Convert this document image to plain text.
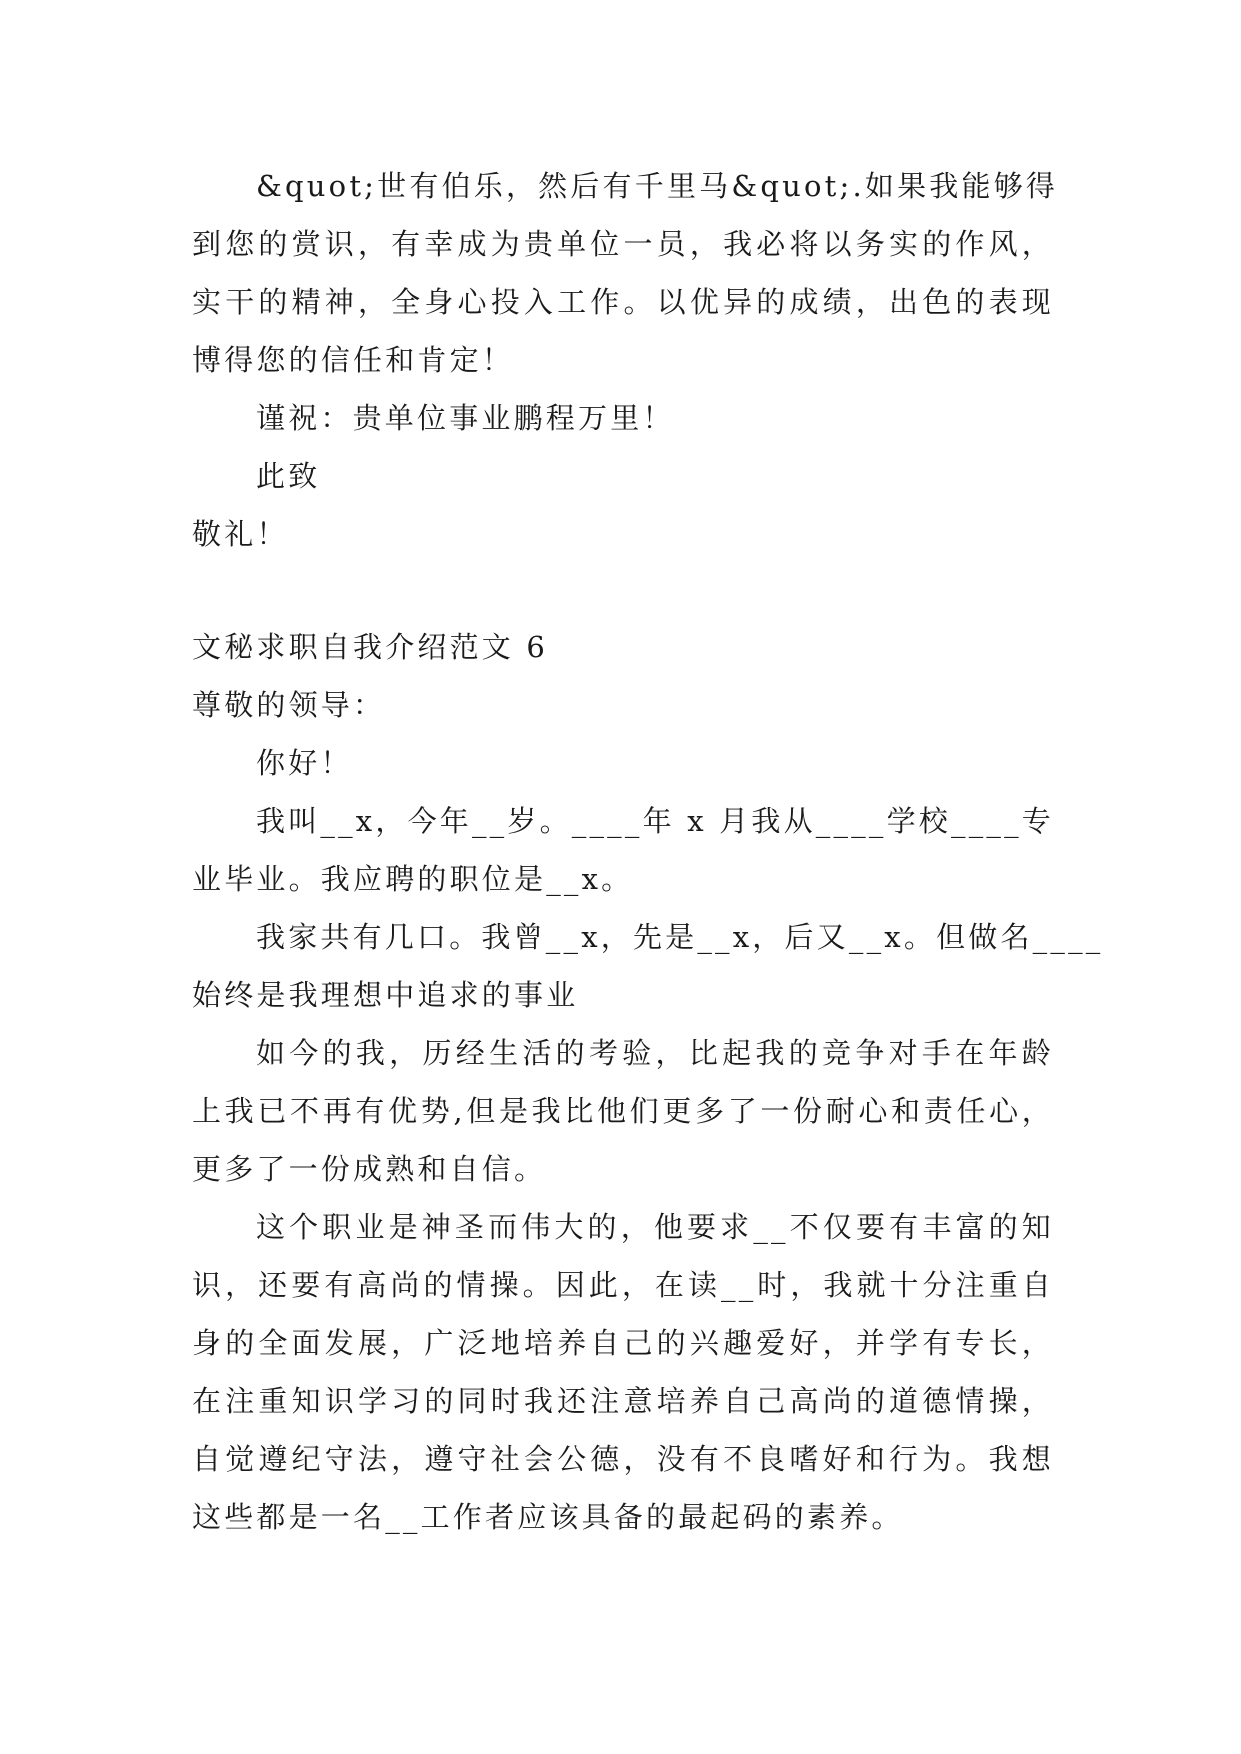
&quot;世有伯乐，然后有千里马&quot;.如果我能够得

到您的赏识，有幸成为贵单位一员，我必将以务实的作风，

实干的精神，全身心投入工作。以优异的成绩，出色的表现

博得您的信任和肯定！

谨祝：贵单位事业鹏程万里！

此致

敬礼！

文秘求职自我介绍范文 6

尊敬的领导：

你好！

我叫__x，今年__岁。____年 x 月我从____学校____专

业毕业。我应聘的职位是__x。

我家共有几口。我曾__x，先是__x，后又__x。但做名____

始终是我理想中追求的事业

如今的我，历经生活的考验，比起我的竞争对手在年龄

上我已不再有优势,但是我比他们更多了一份耐心和责任心，

更多了一份成熟和自信。

这个职业是神圣而伟大的，他要求__不仅要有丰富的知

识，还要有高尚的情操。因此，在读__时，我就十分注重自

身的全面发展，广泛地培养自己的兴趣爱好，并学有专长，

在注重知识学习的同时我还注意培养自己高尚的道德情操，

自觉遵纪守法，遵守社会公德，没有不良嗜好和行为。我想

这些都是一名__工作者应该具备的最起码的素养。
